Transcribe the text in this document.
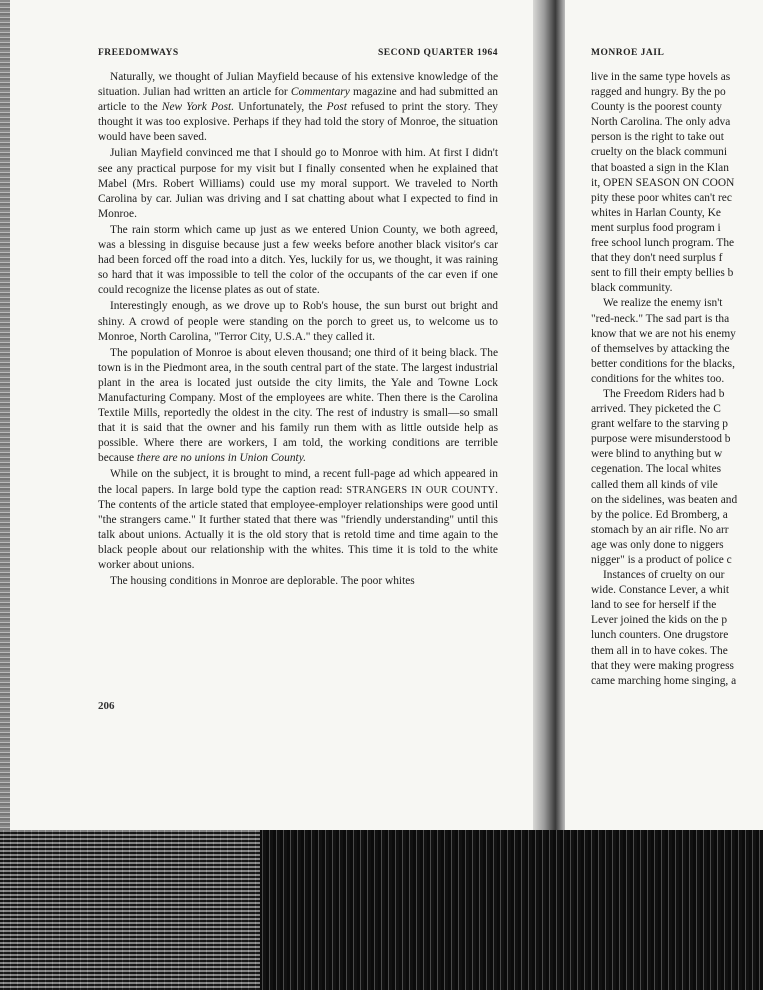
FREEDOMWAYS	SECOND QUARTER 1964

Naturally, we thought of Julian Mayfield because of his extensive knowledge of the situation. Julian had written an article for Commentary magazine and had submitted an article to the New York Post. Unfortunately, the Post refused to print the story. They thought it was too explosive. Perhaps if they had told the story of Monroe, the situation would have been saved.

Julian Mayfield convinced me that I should go to Monroe with him. At first I didn't see any practical purpose for my visit but I finally consented when he explained that Mabel (Mrs. Robert Williams) could use my moral support. We traveled to North Carolina by car. Julian was driving and I sat chatting about what I expected to find in Monroe.

The rain storm which came up just as we entered Union County, we both agreed, was a blessing in disguise because just a few weeks before another black visitor's car had been forced off the road into a ditch. Yes, luckily for us, we thought, it was raining so hard that it was impossible to tell the color of the occupants of the car even if one could recognize the license plates as out of state.

Interestingly enough, as we drove up to Rob's house, the sun burst out bright and shiny. A crowd of people were standing on the porch to greet us, to welcome us to Monroe, North Carolina, "Terror City, U.S.A." they called it.

The population of Monroe is about eleven thousand; one third of it being black. The town is in the Piedmont area, in the south central part of the state. The largest industrial plant in the area is located just outside the city limits, the Yale and Towne Lock Manufacturing Company. Most of the employees are white. Then there is the Carolina Textile Mills, reportedly the oldest in the city. The rest of industry is small—so small that it is said that the owner and his family run them with as little outside help as possible. Where there are workers, I am told, the working conditions are terrible because there are no unions in Union County.

While on the subject, it is brought to mind, a recent full-page ad which appeared in the local papers. In large bold type the caption read: STRANGERS IN OUR COUNTY. The contents of the article stated that employee-employer relationships were good until "the strangers came." It further stated that there was "friendly understanding" until this talk about unions. Actually it is the old story that is retold time and time again to the black people about our relationship with the whites. This time it is told to the white worker about unions.

The housing conditions in Monroe are deplorable. The poor whites

206
MONROE JAIL
live in the same type hovels as
ragged and hungry. By the po
County is the poorest county
North Carolina. The only adva
person is the right to take out
cruelty on the black communi
that boasted a sign in the Klan
it, OPEN SEASON ON COON
pity these poor whites can't rec
whites in Harlan County, Ke
ment surplus food program i
free school lunch program. The
that they don't need surplus f
sent to fill their empty bellies b
black community.
We realize the enemy isn't
"red-neck." The sad part is tha
know that we are not his enemy
of themselves by attacking the
better conditions for the blacks,
conditions for the whites too.
The Freedom Riders had b
arrived. They picketed the C
grant welfare to the starving p
purpose were misunderstood b
were blind to anything but w
cegenation. The local whites
called them all kinds of vile
on the sidelines, was beaten and
by the police. Ed Bromberg, a
stomach by an air rifle. No arr
age was only done to niggers
nigger" is a product of police c
Instances of cruelty on our
wide. Constance Lever, a whit
land to see for herself if the
Lever joined the kids on the p
lunch counters. One drugstore
them all in to have cokes. The
that they were making progress
came marching home singing, a
